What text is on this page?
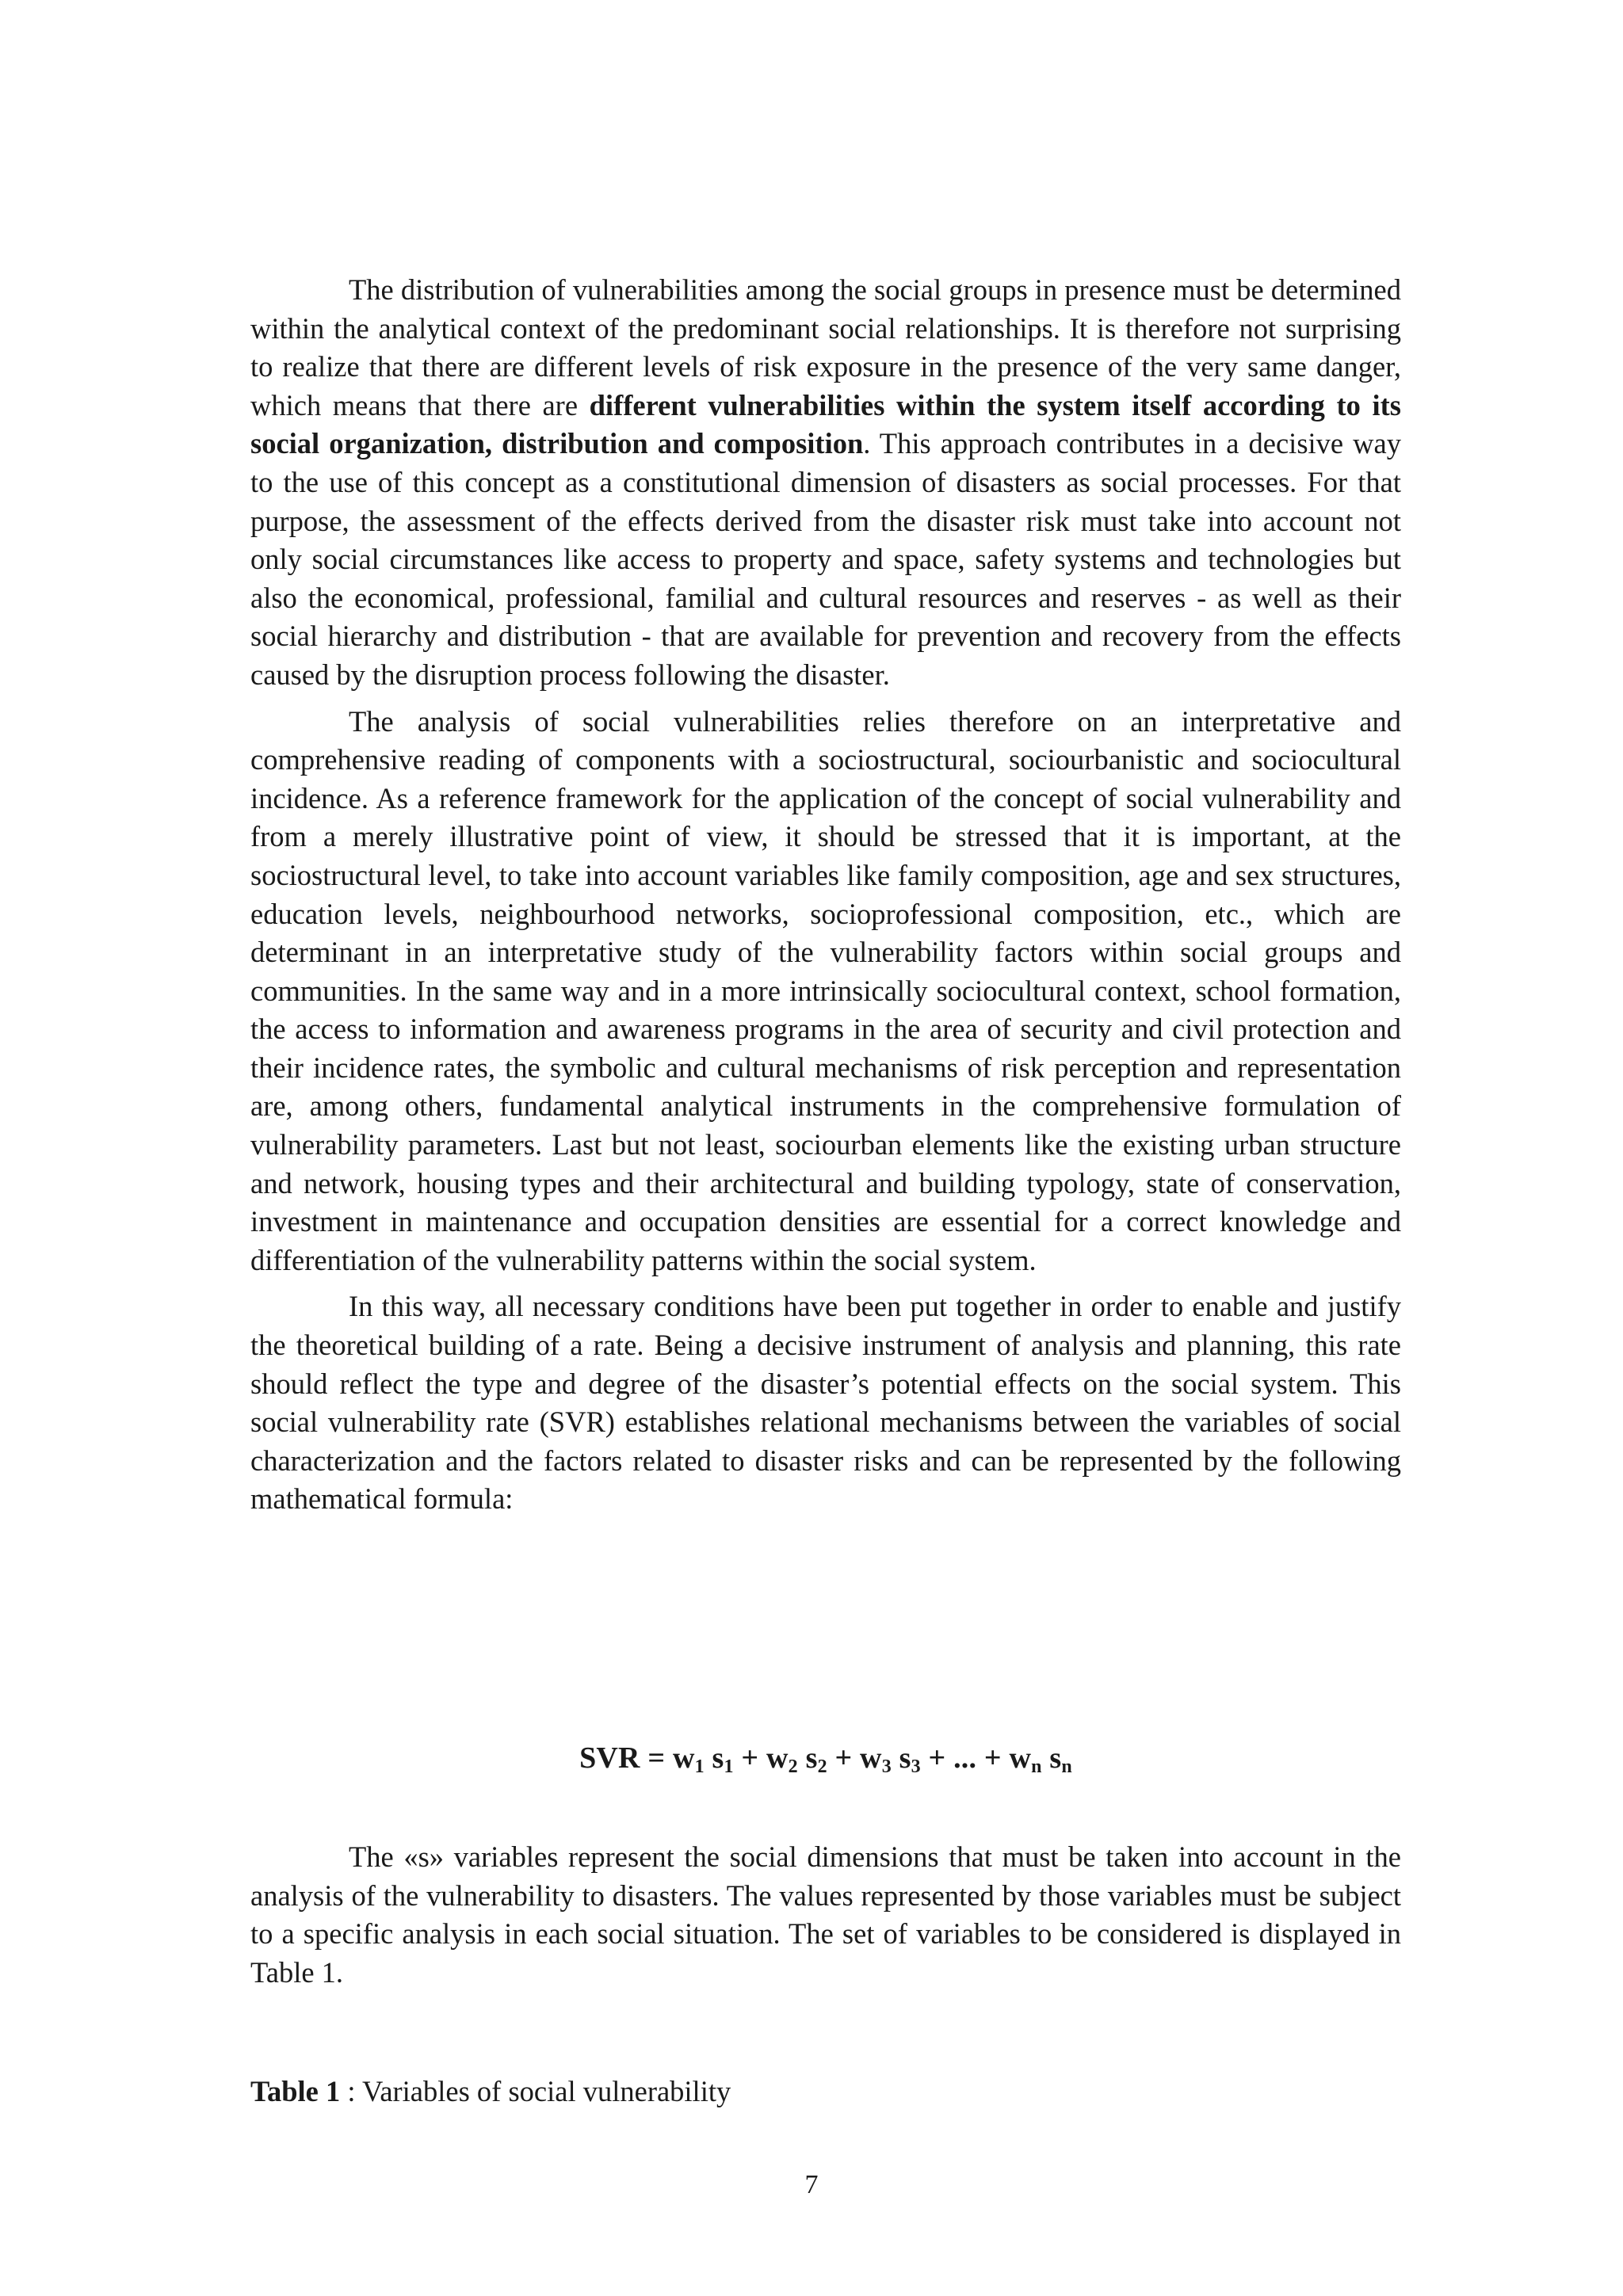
The distribution of vulnerabilities among the social groups in presence must be determined within the analytical context of the predominant social relationships. It is therefore not surprising to realize that there are different levels of risk exposure in the presence of the very same danger, which means that there are different vulnerabilities within the system itself according to its social organization, distribution and composition. This approach contributes in a decisive way to the use of this concept as a constitutional dimension of disasters as social processes. For that purpose, the assessment of the effects derived from the disaster risk must take into account not only social circumstances like access to property and space, safety systems and technologies but also the economical, professional, familial and cultural resources and reserves - as well as their social hierarchy and distribution - that are available for prevention and recovery from the effects caused by the disruption process following the disaster.

The analysis of social vulnerabilities relies therefore on an interpretative and comprehensive reading of components with a sociostructural, sociourbanistic and sociocultural incidence. As a reference framework for the application of the concept of social vulnerability and from a merely illustrative point of view, it should be stressed that it is important, at the sociostructural level, to take into account variables like family composition, age and sex structures, education levels, neighbourhood networks, socioprofessional composition, etc., which are determinant in an interpretative study of the vulnerability factors within social groups and communities. In the same way and in a more intrinsically sociocultural context, school formation, the access to information and awareness programs in the area of security and civil protection and their incidence rates, the symbolic and cultural mechanisms of risk perception and representation are, among others, fundamental analytical instruments in the comprehensive formulation of vulnerability parameters. Last but not least, sociourban elements like the existing urban structure and network, housing types and their architectural and building typology, state of conservation, investment in maintenance and occupation densities are essential for a correct knowledge and differentiation of the vulnerability patterns within the social system.

In this way, all necessary conditions have been put together in order to enable and justify the theoretical building of a rate. Being a decisive instrument of analysis and planning, this rate should reflect the type and degree of the disaster’s potential effects on the social system. This social vulnerability rate (SVR) establishes relational mechanisms between the variables of social characterization and the factors related to disaster risks and can be represented by the following mathematical formula:

SVR = $w_1$ $s_1 + w_2$ $s_2 + w_3$ $s_3$ + ... + $w_n$ $s_n$

The «s» variables represent the social dimensions that must be taken into account in the analysis of the vulnerability to disasters. The values represented by those variables must be subject to a specific analysis in each social situation. The set of variables to be considered is displayed in Table 1.

Table 1 : Variables of social vulnerability

7
